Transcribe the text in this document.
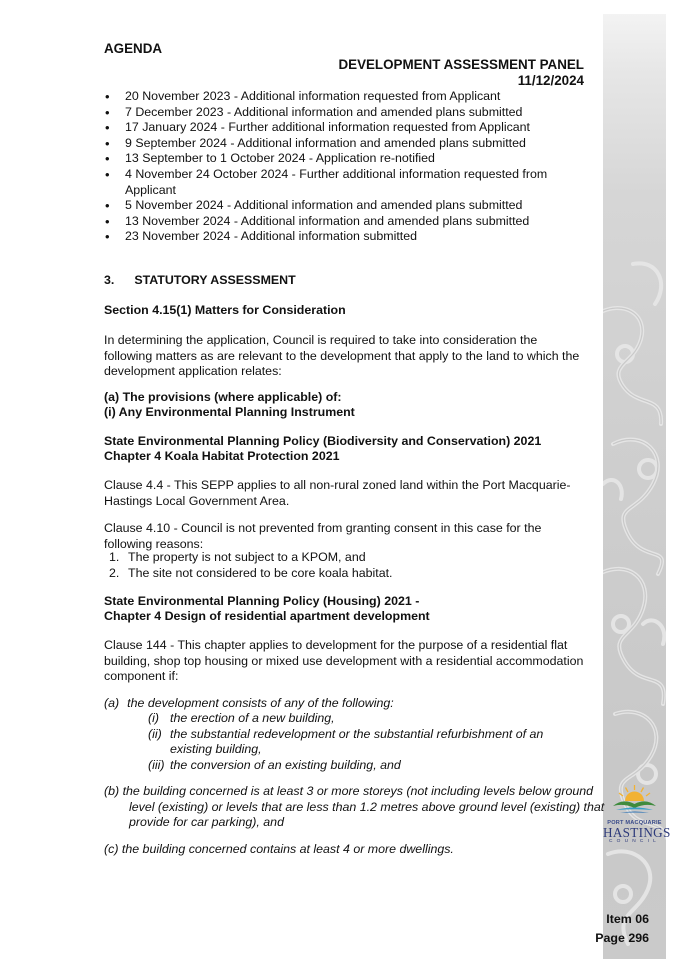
PORT MACQUARIE
HASTINGS
COUNCIL
AGENDA
DEVELOPMENT ASSESSMENT PANEL
11/12/2024
• 20 November 2023 - Additional information requested from Applicant
• 7 December 2023 - Additional information and amended plans submitted
• 17 January 2024 - Further additional information requested from Applicant
• 9 September 2024 - Additional information and amended plans submitted
• 13 September to 1 October 2024 - Application re-notified
• 4 November 24 October 2024 - Further additional information requested from Applicant
• 5 November 2024 - Additional information and amended plans submitted
• 13 November 2024 - Additional information and amended plans submitted
• 23 November 2024 - Additional information submitted
3. STATUTORY ASSESSMENT
Section 4.15(1) Matters for Consideration
In determining the application, Council is required to take into consideration the following matters as are relevant to the development that apply to the land to which the development application relates:
(a) The provisions (where applicable) of:
(i) Any Environmental Planning Instrument
State Environmental Planning Policy (Biodiversity and Conservation) 2021
Chapter 4 Koala Habitat Protection 2021
Clause 4.4 - This SEPP applies to all non-rural zoned land within the Port Macquarie-Hastings Local Government Area.
Clause 4.10 - Council is not prevented from granting consent in this case for the following reasons:
1. The property is not subject to a KPOM, and
2. The site not considered to be core koala habitat.
State Environmental Planning Policy (Housing) 2021 -
Chapter 4 Design of residential apartment development
Clause 144 - This chapter applies to development for the purpose of a residential flat building, shop top housing or mixed use development with a residential accommodation component if:
(a) the development consists of any of the following:
(i) the erection of a new building,
(ii) the substantial redevelopment or the substantial refurbishment of an existing building,
(iii) the conversion of an existing building, and
(b) the building concerned is at least 3 or more storeys (not including levels below ground level (existing) or levels that are less than 1.2 metres above ground level (existing) that provide for car parking), and
(c) the building concerned contains at least 4 or more dwellings.
Item 06
Page 296
